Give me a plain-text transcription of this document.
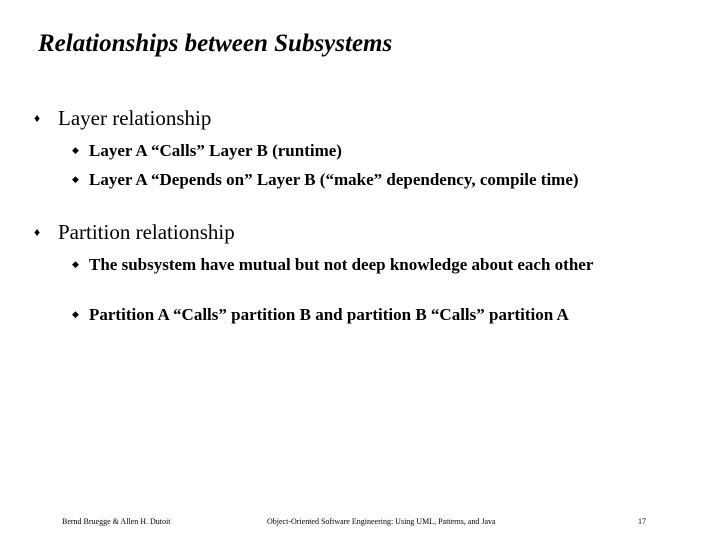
Relationships between Subsystems
♦ Layer relationship
◆ Layer A “Calls” Layer B (runtime)
◆ Layer A “Depends on” Layer B (“make” dependency, compile time)
♦ Partition relationship
◆ The subsystem have mutual but not deep knowledge about each other
◆ Partition A “Calls” partition B and partition B “Calls” partition A
Bernd Bruegge & Allen H. Dutoit	Object-Oriented Software Engineering: Using UML, Patterns, and Java	17
